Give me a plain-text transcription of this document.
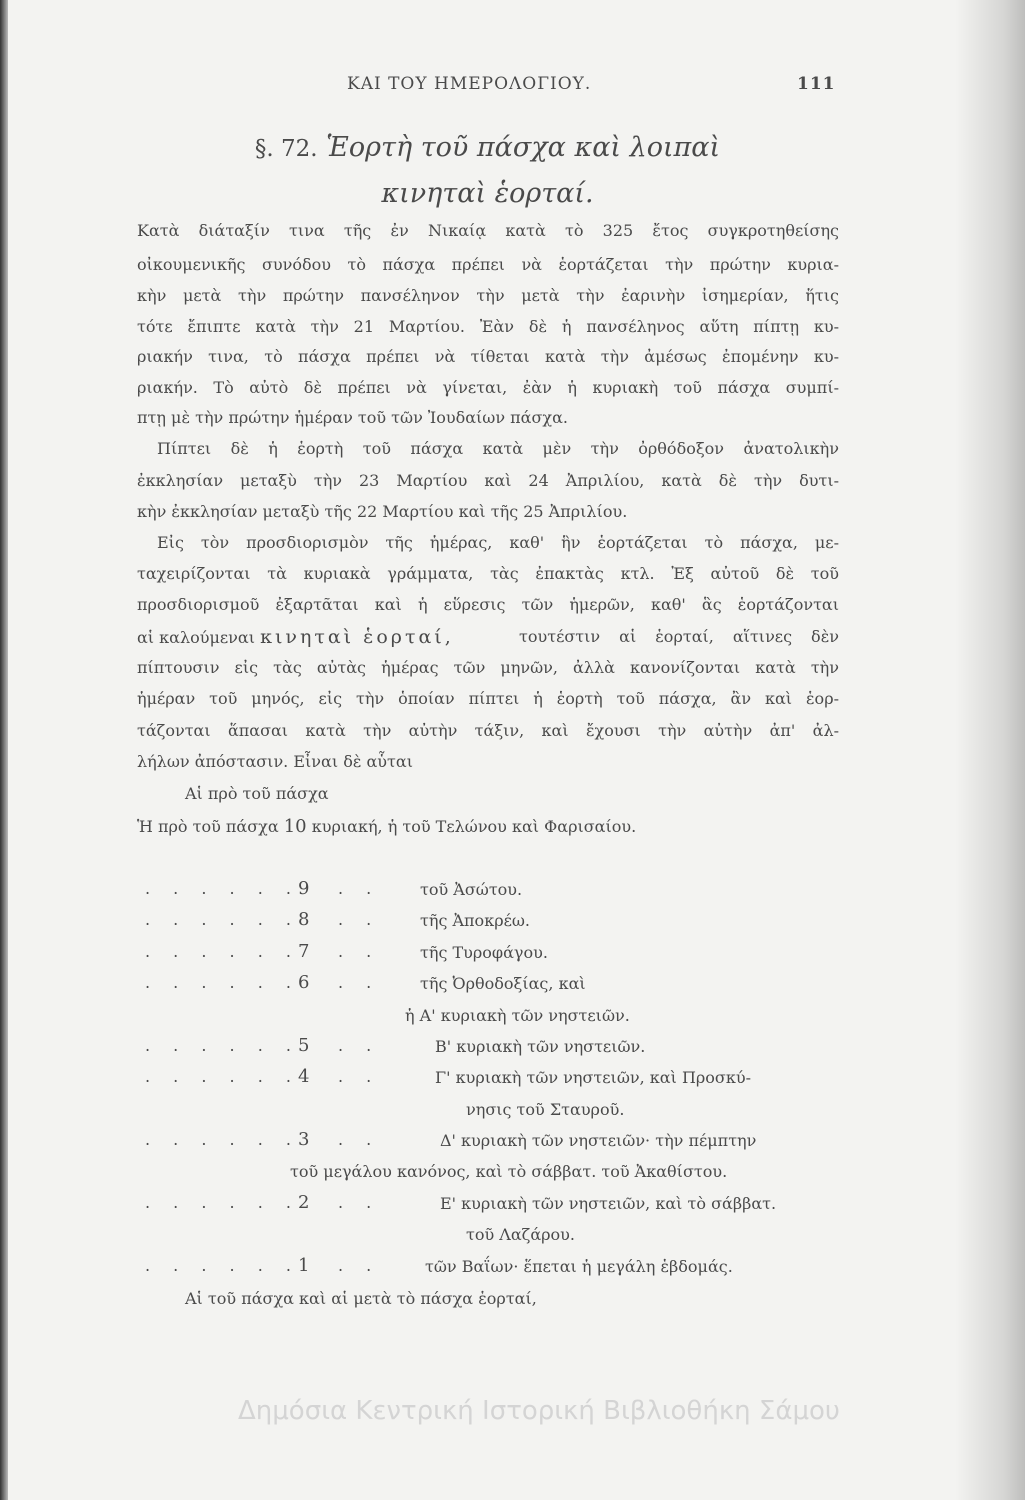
ΚΑΙ ΤΟΥ ΗΜΕΡΟΛΟΓΙΟΥ.	111
§. 72. Ἑορτὴ τοῦ πάσχα καὶ λοιπαὶ
κινηταὶ ἑορταί.
Κατὰ διάταξίν τινα τῆς ἐν Νικαίᾳ κατὰ τὸ 325 ἔτος συγκροτηθείσης
οἰκουμενικῆς συνόδου τὸ πάσχα πρέπει νὰ ἑορτάζεται τὴν πρώτην κυρια-
κὴν μετὰ τὴν πρώτην πανσέληνον τὴν μετὰ τὴν ἐαρινὴν ἰσημερίαν, ἥτις
τότε ἔπιπτε κατὰ τὴν 21 Μαρτίου. Ἐὰν δὲ ἡ πανσέληνος αὕτη πίπτῃ κυ-
ριακήν τινα, τὸ πάσχα πρέπει νὰ τίθεται κατὰ τὴν ἀμέσως ἐπομένην κυ-
ριακήν. Τὸ αὐτὸ δὲ πρέπει νὰ γίνεται, ἐὰν ἡ κυριακὴ τοῦ πάσχα συμπί-
πτῃ μὲ τὴν πρώτην ἡμέραν τοῦ τῶν Ἰουδαίων πάσχα.
Πίπτει δὲ ἡ ἑορτὴ τοῦ πάσχα κατὰ μὲν τὴν ὀρθόδοξον ἀνατολικὴν
ἐκκλησίαν μεταξὺ τὴν 23 Μαρτίου καὶ 24 Ἀπριλίου, κατὰ δὲ τὴν δυτι-
κὴν ἐκκλησίαν μεταξὺ τῆς 22 Μαρτίου καὶ τῆς 25 Ἀπριλίου.
Εἰς τὸν προσδιορισμὸν τῆς ἡμέρας, καθ' ἣν ἑορτάζεται τὸ πάσχα, με-
ταχειρίζονται τὰ κυριακὰ γράμματα, τὰς ἐπακτὰς κτλ. Ἐξ αὐτοῦ δὲ τοῦ
προσδιορισμοῦ ἐξαρτᾶται καὶ ἡ εὕρεσις τῶν ἡμερῶν, καθ' ἃς ἑορτάζονται
αἱ καλούμεναι κινηταὶ ἑορταί,	τουτέστιν αἱ ἑορταί, αἵτινες δὲν
πίπτουσιν εἰς τὰς αὐτὰς ἡμέρας τῶν μηνῶν, ἀλλὰ κανονίζονται κατὰ τὴν
ἡμέραν τοῦ μηνός, εἰς τὴν ὁποίαν πίπτει ἡ ἑορτὴ τοῦ πάσχα, ἂν καὶ ἑορ-
τάζονται ἅπασαι κατὰ τὴν αὐτὴν τάξιν, καὶ ἔχουσι τὴν αὐτὴν ἀπ' ἀλ-
λήλων ἀπόστασιν. Εἶναι δὲ αὗται
Αἱ πρὸ τοῦ πάσχα
Ἡ πρὸ τοῦ πάσχα 10 κυριακή, ἡ τοῦ Τελώνου καὶ Φαρισαίου.
. . . . . .
9 . . τοῦ Ἀσώτου.
. . . . . .
8 . . τῆς Ἀποκρέω.
. . . . . .
7 . . τῆς Τυροφάγου.
. . . . . .
6 . . τῆς Ὀρθοδοξίας, καὶ
ἡ Α' κυριακὴ τῶν νηστειῶν.
. . . . . .
5 . .	Β' κυριακὴ τῶν νηστειῶν.
. . . . . .
4 . .	Γ' κυριακὴ τῶν νηστειῶν, καὶ Προσκύ-
νησις τοῦ Σταυροῦ.
. . . . . .
3 . .	Δ' κυριακὴ τῶν νηστειῶν· τὴν πέμπτην
τοῦ μεγάλου κανόνος, καὶ τὸ σάββατ. τοῦ Ἀκαθίστου.
. . . . . .
2 . .	Ε' κυριακὴ τῶν νηστειῶν, καὶ τὸ σάββατ.
τοῦ Λαζάρου.
. . . . . .
1 . .	τῶν Βαΐων· ἕπεται ἡ μεγάλη ἑβδομάς.
Αἱ τοῦ πάσχα καὶ αἱ μετὰ τὸ πάσχα ἑορταί,
Δημόσια Κεντρική Ιστορική Βιβλιοθήκη Σάμου
